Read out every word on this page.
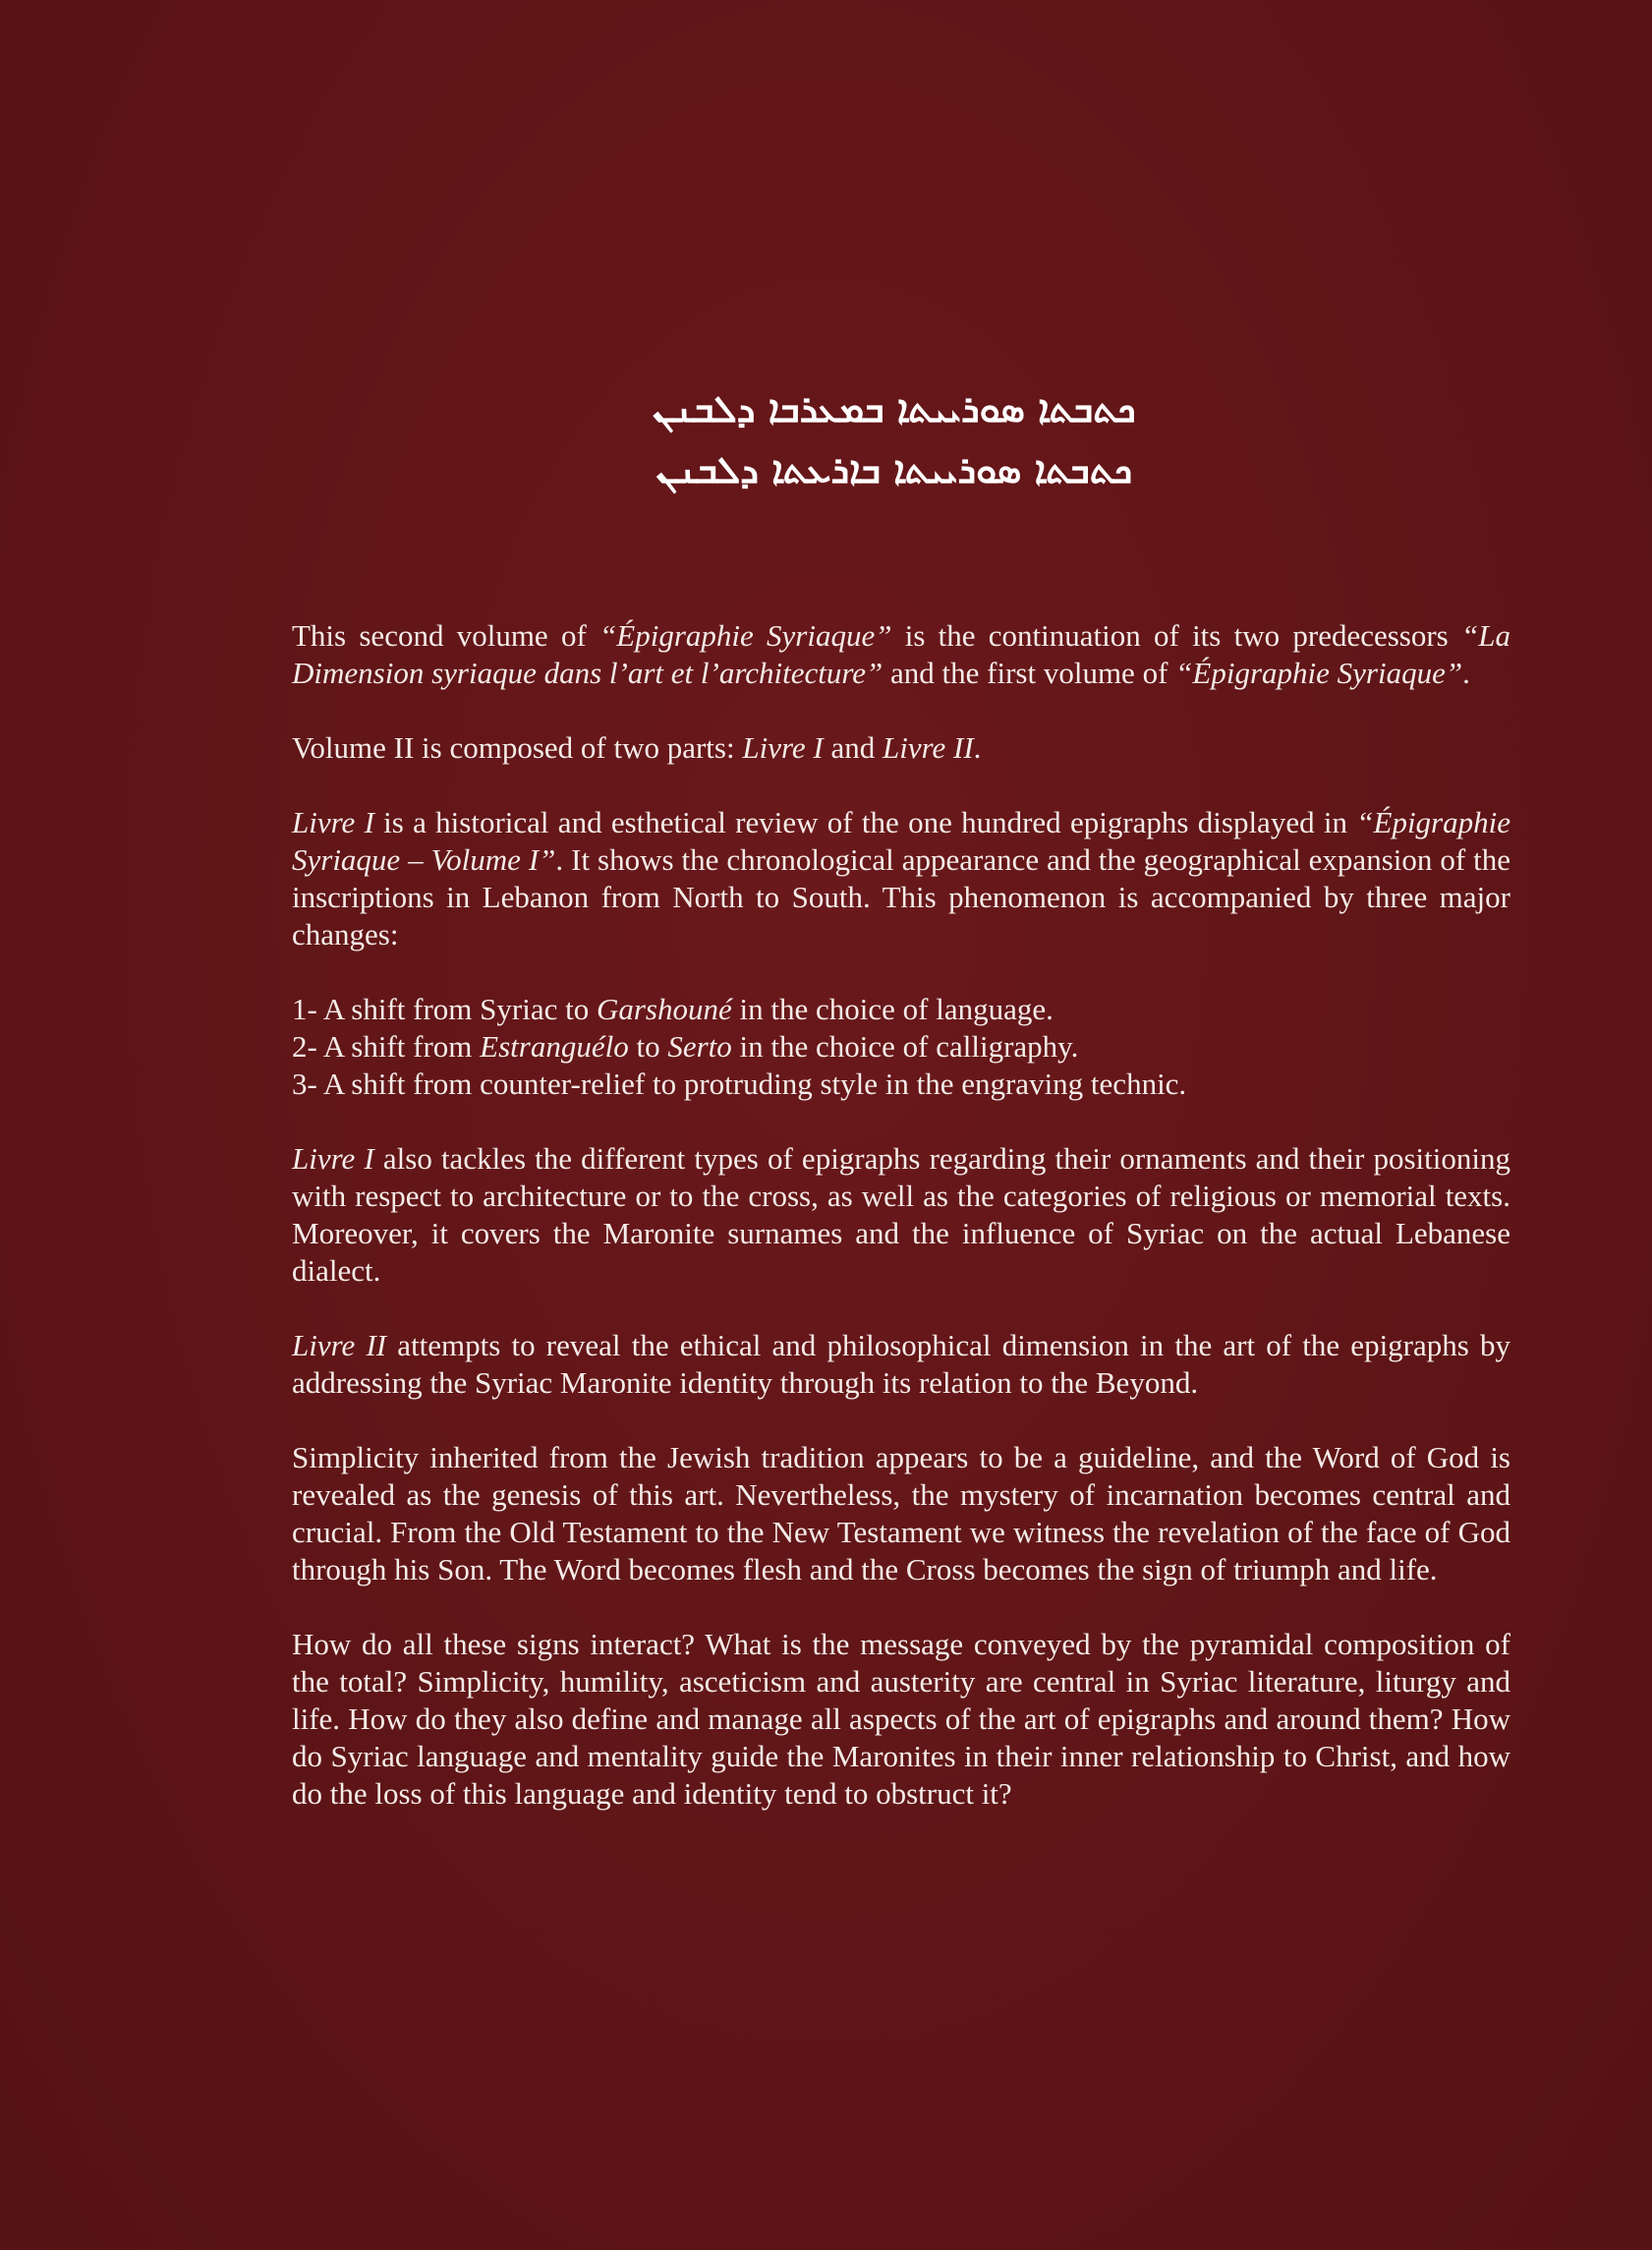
ܟܬܒܬܐ ܣܘܪܝܝܬܐ ܒܡܥܪܒܐ ܕܠܒܢܢ
ܟܬܒܬܐ ܣܘܪܝܝܬܐ ܒܐܪܥܬܐ ܕܠܒܢܢ

This second volume of “Épigraphie Syriaque” is the continuation of its two predecessors “La Dimension syriaque dans l’art et l’architecture” and the first volume of “Épigraphie Syriaque”.

Volume II is composed of two parts: Livre I and Livre II.

Livre I is a historical and esthetical review of the one hundred epigraphs displayed in “Épigraphie Syriaque – Volume I”. It shows the chronological appearance and the geographical expansion of the inscriptions in Lebanon from North to South. This phenomenon is accompanied by three major changes:

1- A shift from Syriac to Garshouné in the choice of language.
2- A shift from Estranguélo to Serto in the choice of calligraphy.
3- A shift from counter-relief to protruding style in the engraving technic.

Livre I also tackles the different types of epigraphs regarding their ornaments and their positioning with respect to architecture or to the cross, as well as the categories of religious or memorial texts. Moreover, it covers the Maronite surnames and the influence of Syriac on the actual Lebanese dialect.

Livre II attempts to reveal the ethical and philosophical dimension in the art of the epigraphs by addressing the Syriac Maronite identity through its relation to the Beyond.

Simplicity inherited from the Jewish tradition appears to be a guideline, and the Word of God is revealed as the genesis of this art. Nevertheless, the mystery of incarnation becomes central and crucial. From the Old Testament to the New Testament we witness the revelation of the face of God through his Son. The Word becomes flesh and the Cross becomes the sign of triumph and life.

How do all these signs interact? What is the message conveyed by the pyramidal composition of the total? Simplicity, humility, asceticism and austerity are central in Syriac literature, liturgy and life. How do they also define and manage all aspects of the art of epigraphs and around them? How do Syriac language and mentality guide the Maronites in their inner relationship to Christ, and how do the loss of this language and identity tend to obstruct it?
